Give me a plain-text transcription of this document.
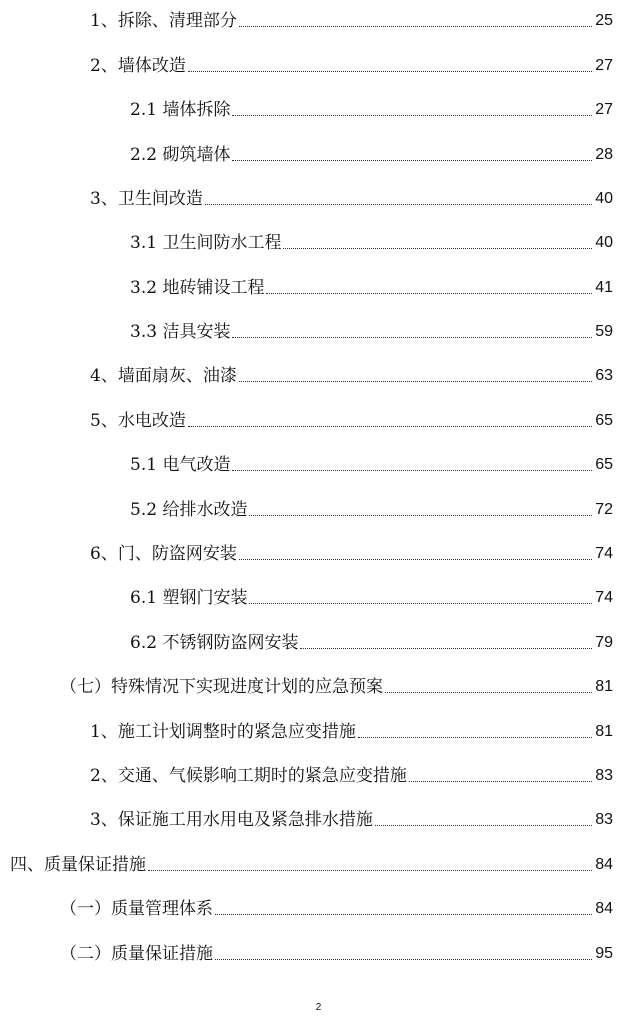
1、拆除、清理部分	25
2、墙体改造	27
2.1 墙体拆除	27
2.2 砌筑墙体	28
3、卫生间改造	40
3.1 卫生间防水工程	40
3.2 地砖铺设工程	41
3.3 洁具安装	59
4、墙面扇灰、油漆	63
5、水电改造	65
5.1 电气改造	65
5.2 给排水改造	72
6、门、防盗网安装	74
6.1 塑钢门安装	74
6.2 不锈钢防盗网安装	79
（七）特殊情况下实现进度计划的应急预案	81
1、施工计划调整时的紧急应变措施	81
2、交通、气候影响工期时的紧急应变措施	83
3、保证施工用水用电及紧急排水措施	83
四、质量保证措施	84
（一）质量管理体系	84
（二）质量保证措施	95
2
